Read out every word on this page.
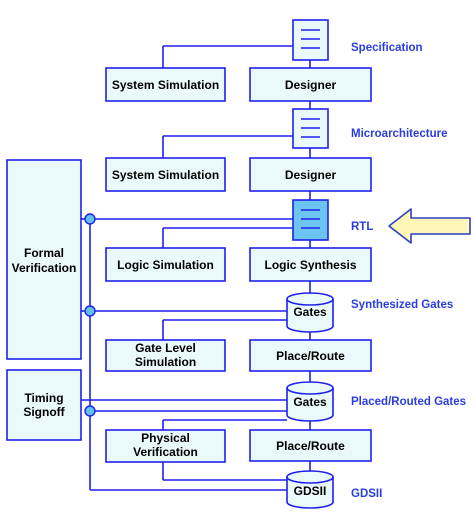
Gates
Gates
GDSII
System Simulation	Designer
System Simulation	Designer
Logic Simulation	Logic Synthesis
Gate Level
Simulation	Place/Route
Physical
Verification	Place/Route
Formal
Verification
Timing
Signoff
Specification
Microarchitecture
RTL
Synthesized Gates
Placed/Routed Gates
GDSII
